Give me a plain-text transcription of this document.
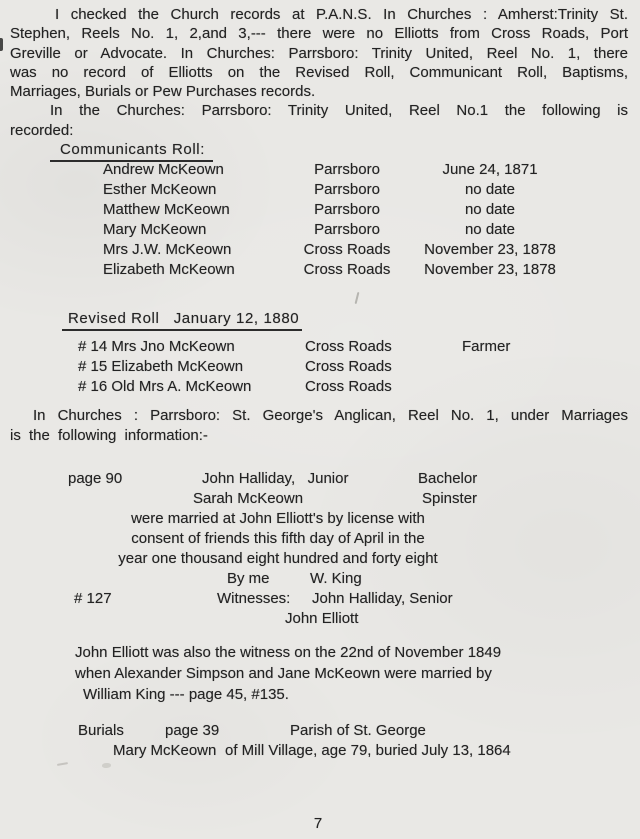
I checked the Church records at P.A.N.S. In Churches : Amherst:Trinity St.
Stephen, Reels No. 1, 2,and 3,--- there were no Elliotts from Cross Roads, Port
Greville or Advocate. In Churches: Parrsboro: Trinity United, Reel No. 1, there
was no record of Elliotts on the Revised Roll, Communicant Roll, Baptisms,
Marriages, Burials or Pew Purchases records.
In the Churches: Parrsboro: Trinity United, Reel No.1 the following is
recorded:
Communicants Roll:
Andrew McKeown	Parrsboro	June 24, 1871
Esther McKeown	Parrsboro	no date
Matthew McKeown	Parrsboro	no date
Mary McKeown	Parrsboro	no date
Mrs J.W. McKeown	Cross Roads	November 23, 1878
Elizabeth McKeown	Cross Roads	November 23, 1878
Revised Roll   January 12, 1880
# 14 Mrs Jno McKeown	Cross Roads	Farmer
# 15 Elizabeth McKeown	Cross Roads
# 16 Old Mrs A. McKeown	Cross Roads
In Churches : Parrsboro: St. George's Anglican, Reel No. 1, under Marriages
is the following information:-
page 90	John Halliday,   Junior	Bachelor
Sarah McKeown	Spinster
were married at John Elliott's by license with
consent of friends this fifth day of April in the
year one thousand eight hundred and forty eight
By me	W. King
# 127	Witnesses: John Halliday, Senior
John Elliott
John Elliott was also the witness on the 22nd of November 1849
when Alexander Simpson and Jane McKeown were married by
William King --- page 45, #135.
Burials	page 39	Parish of St. George
Mary McKeown of Mill Village, age 79, buried July 13, 1864
7
